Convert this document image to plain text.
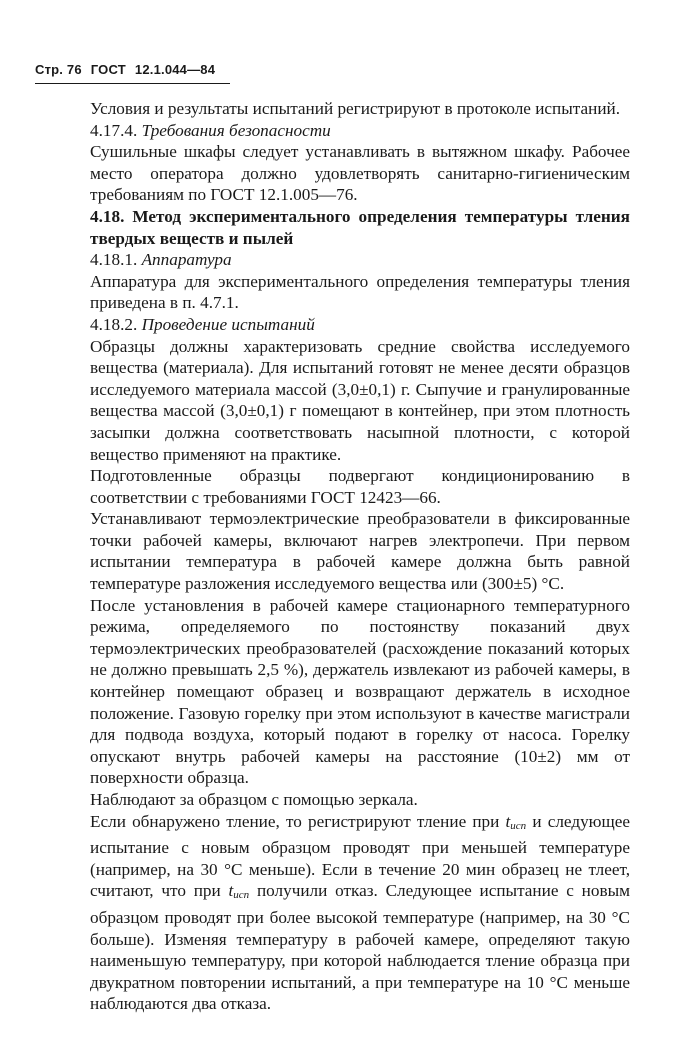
Стр. 76 ГОСТ 12.1.044—84

Условия и результаты испытаний регистрируют в протоколе испытаний.

4.17.4. Требования безопасности

Сушильные шкафы следует устанавливать в вытяжном шкафу. Рабочее место оператора должно удовлетворять санитарно-гигиеническим требованиям по ГОСТ 12.1.005—76.

4.18. Метод экспериментального определения температуры тления твердых веществ и пылей

4.18.1. Аппаратура

Аппаратура для экспериментального определения температуры тления приведена в п. 4.7.1.

4.18.2. Проведение испытаний

Образцы должны характеризовать средние свойства исследуемого вещества (материала). Для испытаний готовят не менее десяти образцов исследуемого материала массой (3,0±0,1) г. Сыпучие и гранулированные вещества массой (3,0±0,1) г помещают в контейнер, при этом плотность засыпки должна соответствовать насыпной плотности, с которой вещество применяют на практике.

Подготовленные образцы подвергают кондиционированию в соответствии с требованиями ГОСТ 12423—66.

Устанавливают термоэлектрические преобразователи в фиксированные точки рабочей камеры, включают нагрев электропечи. При первом испытании температура в рабочей камере должна быть равной температуре разложения исследуемого вещества или (300±5) °С.

После установления в рабочей камере стационарного температурного режима, определяемого по постоянству показаний двух термоэлектрических преобразователей (расхождение показаний которых не должно превышать 2,5 %), держатель извлекают из рабочей камеры, в контейнер помещают образец и возвращают держатель в исходное положение. Газовую горелку при этом используют в качестве магистрали для подвода воздуха, который подают в горелку от насоса. Горелку опускают внутрь рабочей камеры на расстояние (10±2) мм от поверхности образца.

Наблюдают за образцом с помощью зеркала.

Если обнаружено тление, то регистрируют тление при tисп и следующее испытание с новым образцом проводят при меньшей температуре (например, на 30 °С меньше). Если в течение 20 мин образец не тлеет, считают, что при tисп получили отказ. Следующее испытание с новым образцом проводят при более высокой температуре (например, на 30 °С больше). Изменяя температуру в рабочей камере, определяют такую наименьшую температуру, при которой наблюдается тление образца при двукратном повторении испытаний, а при температуре на 10 °С меньше наблюдаются два отказа.
